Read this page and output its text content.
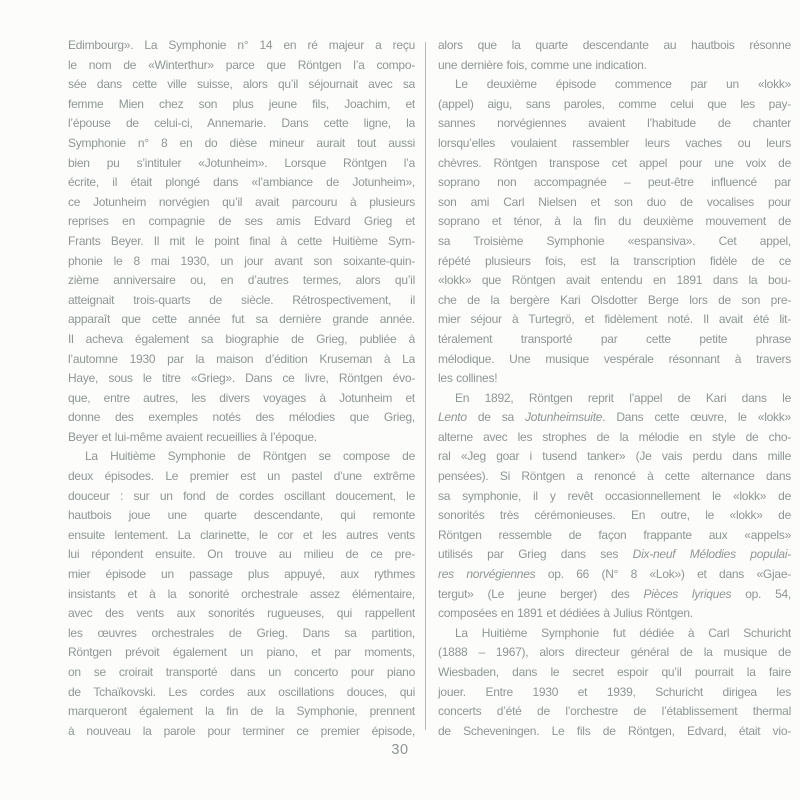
Edimbourg». La Symphonie n° 14 en ré majeur a reçu
le nom de «Winterthur» parce que Röntgen l’a compo-
sée dans cette ville suisse, alors qu’il séjournait avec sa
femme Mien chez son plus jeune fils, Joachim, et
l’épouse de celui-ci, Annemarie. Dans cette ligne, la
Symphonie n° 8 en do dièse mineur aurait tout aussi
bien pu s’intituler «Jotunheim». Lorsque Röntgen l’a
écrite, il était plongé dans «l’ambiance de Jotunheim»,
ce Jotunheim norvégien qu’il avait parcouru à plusieurs
reprises en compagnie de ses amis Edvard Grieg et
Frants Beyer. Il mit le point final à cette Huitième Sym-
phonie le 8 mai 1930, un jour avant son soixante-quin-
zième anniversaire ou, en d’autres termes, alors qu’il
atteignait trois-quarts de siècle. Rétrospectivement, il
apparaît que cette année fut sa dernière grande année.
Il acheva également sa biographie de Grieg, publiée à
l’automne 1930 par la maison d’édition Kruseman à La
Haye, sous le titre «Grieg». Dans ce livre, Röntgen évo-
que, entre autres, les divers voyages à Jotunheim et
donne des exemples notés des mélodies que Grieg,
Beyer et lui-même avaient recueillies à l’époque.
La Huitième Symphonie de Röntgen se compose de
deux épisodes. Le premier est un pastel d’une extrême
douceur : sur un fond de cordes oscillant doucement, le
hautbois joue une quarte descendante, qui remonte
ensuite lentement. La clarinette, le cor et les autres vents
lui répondent ensuite. On trouve au milieu de ce pre-
mier épisode un passage plus appuyé, aux rythmes
insistants et à la sonorité orchestrale assez élémentaire,
avec des vents aux sonorités rugueuses, qui rappellent
les œuvres orchestrales de Grieg. Dans sa partition,
Röntgen prévoit également un piano, et par moments,
on se croirait transporté dans un concerto pour piano
de Tchaïkovski. Les cordes aux oscillations douces, qui
marqueront également la fin de la Symphonie, prennent
à nouveau la parole pour terminer ce premier épisode,
alors que la quarte descendante au hautbois résonne
une dernière fois, comme une indication.
Le deuxième épisode commence par un «lokk»
(appel) aigu, sans paroles, comme celui que les pay-
sannes norvégiennes avaient l’habitude de chanter
lorsqu’elles voulaient rassembler leurs vaches ou leurs
chèvres. Röntgen transpose cet appel pour une voix de
soprano non accompagnée – peut-être influencé par
son ami Carl Nielsen et son duo de vocalises pour
soprano et ténor, à la fin du deuxième mouvement de
sa Troisième Symphonie «espansiva». Cet appel,
répété plusieurs fois, est la transcription fidèle de ce
«lokk» que Röntgen avait entendu en 1891 dans la bou-
che de la bergère Kari Olsdotter Berge lors de son pre-
mier séjour à Turtegrö, et fidèlement noté. Il avait été lit-
téralement transporté par cette petite phrase
mélodique. Une musique vespérale résonnant à travers
les collines!
En 1892, Röntgen reprit l’appel de Kari dans le
Lento de sa Jotunheimsuite. Dans cette œuvre, le «lokk»
alterne avec les strophes de la mélodie en style de cho-
ral «Jeg goar i tusend tanker» (Je vais perdu dans mille
pensées). Si Röntgen a renoncé à cette alternance dans
sa symphonie, il y revêt occasionnellement le «lokk» de
sonorités très cérémonieuses. En outre, le «lokk» de
Röntgen ressemble de façon frappante aux «appels»
utilisés par Grieg dans ses Dix-neuf Mélodies populai-
res norvégiennes op. 66 (N° 8 «Lok») et dans «Gjae-
tergut» (Le jeune berger) des Pièces lyriques op. 54,
composées en 1891 et dédiées à Julius Röntgen.
La Huitième Symphonie fut dédiée à Carl Schuricht
(1888 – 1967), alors directeur général de la musique de
Wiesbaden, dans le secret espoir qu’il pourrait la faire
jouer. Entre 1930 et 1939, Schuricht dirigea les
concerts d’été de l’orchestre de l’établissement thermal
de Scheveningen. Le fils de Röntgen, Edvard, était vio-
30
